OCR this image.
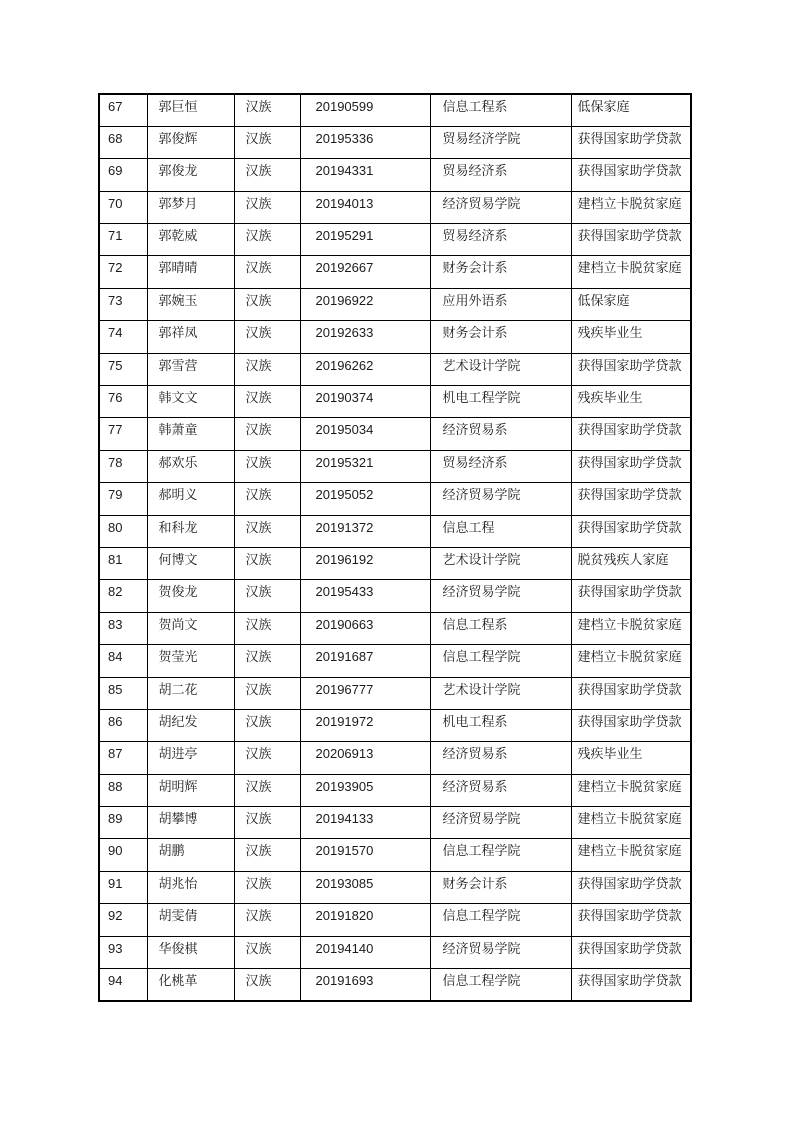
67	郭巨恒	汉族	20190599	信息工程系	低保家庭
68	郭俊辉	汉族	20195336	贸易经济学院	获得国家助学贷款
69	郭俊龙	汉族	20194331	贸易经济系	获得国家助学贷款
70	郭梦月	汉族	20194013	经济贸易学院	建档立卡脱贫家庭
71	郭乾威	汉族	20195291	贸易经济系	获得国家助学贷款
72	郭晴晴	汉族	20192667	财务会计系	建档立卡脱贫家庭
73	郭婉玉	汉族	20196922	应用外语系	低保家庭
74	郭祥凤	汉族	20192633	财务会计系	残疾毕业生
75	郭雪营	汉族	20196262	艺术设计学院	获得国家助学贷款
76	韩文文	汉族	20190374	机电工程学院	残疾毕业生
77	韩萧童	汉族	20195034	经济贸易系	获得国家助学贷款
78	郝欢乐	汉族	20195321	贸易经济系	获得国家助学贷款
79	郝明义	汉族	20195052	经济贸易学院	获得国家助学贷款
80	和科龙	汉族	20191372	信息工程	获得国家助学贷款
81	何博文	汉族	20196192	艺术设计学院	脱贫残疾人家庭
82	贺俊龙	汉族	20195433	经济贸易学院	获得国家助学贷款
83	贺尚文	汉族	20190663	信息工程系	建档立卡脱贫家庭
84	贺莹光	汉族	20191687	信息工程学院	建档立卡脱贫家庭
85	胡二花	汉族	20196777	艺术设计学院	获得国家助学贷款
86	胡纪发	汉族	20191972	机电工程系	获得国家助学贷款
87	胡进亭	汉族	20206913	经济贸易系	残疾毕业生
88	胡明辉	汉族	20193905	经济贸易系	建档立卡脱贫家庭
89	胡攀博	汉族	20194133	经济贸易学院	建档立卡脱贫家庭
90	胡鹏	汉族	20191570	信息工程学院	建档立卡脱贫家庭
91	胡兆怡	汉族	20193085	财务会计系	获得国家助学贷款
92	胡雯倩	汉族	20191820	信息工程学院	获得国家助学贷款
93	华俊棋	汉族	20194140	经济贸易学院	获得国家助学贷款
94	化桃革	汉族	20191693	信息工程学院	获得国家助学贷款
